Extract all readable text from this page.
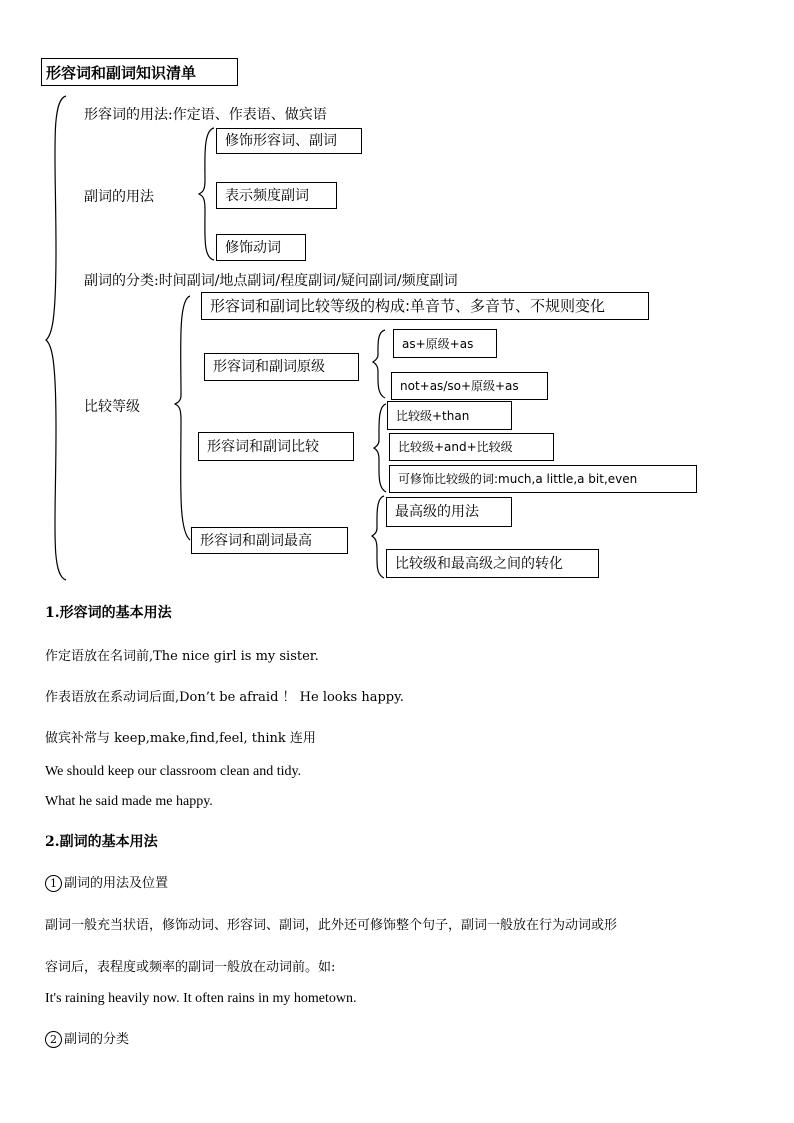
形容词和副词知识清单
形容词的用法:作定语、作表语、做宾语
修饰形容词、副词
副词的用法	表示频度副词
修饰动词
副词的分类:时间副词/地点副词/程度副词/疑问副词/频度副词
形容词和副词比较等级的构成:单音节、多音节、不规则变化
形容词和副词原级
as+原级+as
not+as/so+原级+as
比较等级
比较级+than
形容词和副词比较	比较级+and+比较级
可修饰比较级的词:much,a little,a bit,even
最高级的用法
形容词和副词最高
比较级和最高级之间的转化
1.形容词的基本用法
作定语放在名词前,The nice girl is my sister.
作表语放在系动词后面,Don’t be afraid ！ He looks happy.
做宾补常与 keep,make,find,feel, think 连用
We should keep our classroom clean and tidy.
What he said made me happy.
2.副词的基本用法
1 副词的用法及位置
副词一般充当状语，修饰动词、形容词、副词，此外还可修饰整个句子，副词一般放在行为动词或形
容词后，表程度或频率的副词一般放在动词前。如:
It's raining heavily now. It often rains in my hometown.
2 副词的分类
